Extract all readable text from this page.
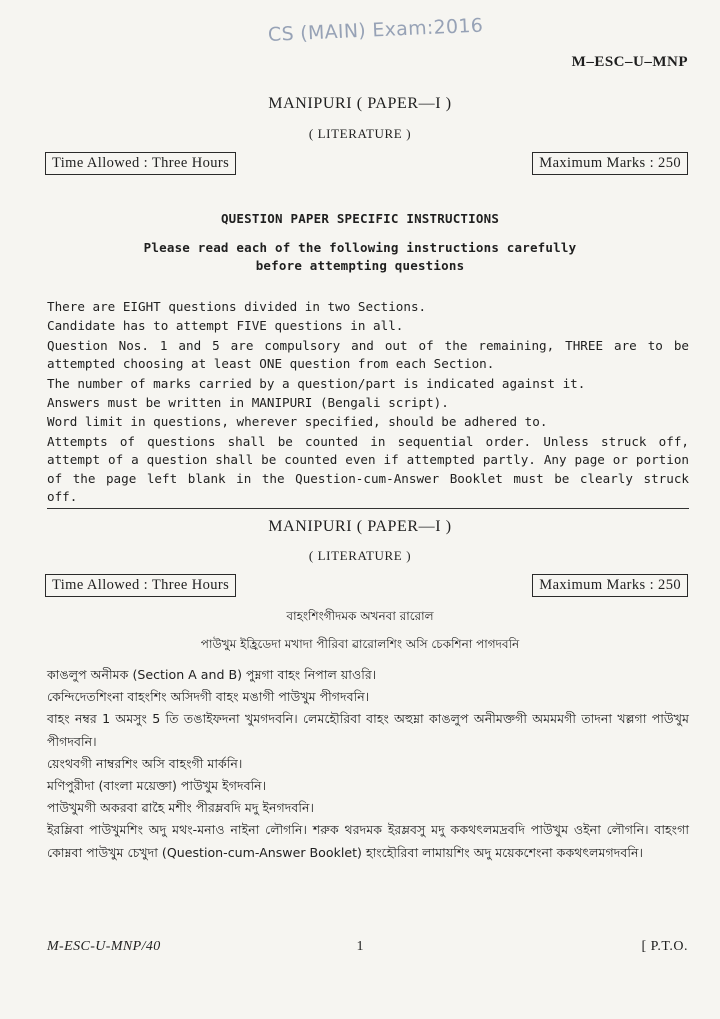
CS (MAIN) Exam:2016
M–ESC–U–MNP
MANIPURI ( PAPER—I )
( LITERATURE )
Time Allowed : Three Hours	Maximum Marks : 250
QUESTION PAPER SPECIFIC INSTRUCTIONS
Please read each of the following instructions carefully
before attempting questions

There are EIGHT questions divided in two Sections.

Candidate has to attempt FIVE questions in all.

Question Nos. 1 and 5 are compulsory and out of the remaining, THREE are to be attempted choosing at least ONE question from each Section.

The number of marks carried by a question/part is indicated against it.

Answers must be written in MANIPURI (Bengali script).

Word limit in questions, wherever specified, should be adhered to.

Attempts of questions shall be counted in sequential order. Unless struck off, attempt of a question shall be counted even if attempted partly. Any page or portion of the page left blank in the Question-cum-Answer Booklet must be clearly struck off.

MANIPURI ( PAPER—I )
( LITERATURE )
Time Allowed : Three Hours	Maximum Marks : 250
বাহংশিংগীদমক অখনবা রারোল
পাউখুম ইহ্রিডেদা মখাদা পীরিবা ৱারোলশিং অসি চেকশিনা পাগদবনি

কাঙলুপ অনীমক (Section A and B) পুম্নগা বাহং নিপাল য়াওরি।

কেন্দিদেতশিংনা বাহংশিং অসিদগী বাহং মঙাগী পাউখুম পীগদবনি।

বাহং নম্বর 1 অমসুং 5 তি তঙাইফদনা খুমগদবনি। লেমহৌরিবা বাহং অহুম্না কাঙলুপ অনীমক্তগী অমমমগী তাদনা খল্লগা পাউখুম পীগদবনি।

য়েংথবগী নাম্বরশিং অসি বাহংগী মার্কনি।

মণিপুরীদা (বাংলা ময়েক্তা) পাউখুম ইগদবনি।

পাউখুমগী অকরবা ৱাহৈ মশীং পীরম্লবদি মদু ইনগদবনি।

ইরম্লিবা পাউখুমশিং অদু মথং-মনাও নাইনা লৌগনি। শরুক থরদমক ইরম্লবসু মদু ককথৎলমদ্রবদি পাউখুম ওইনা লৌগনি। বাহংগা কোম্নবা পাউখুম চেখুদা (Question-cum-Answer Booklet) হাংহৌরিবা লামায়শিং অদু ময়েকশেংনা ককথৎলমগদবনি।

M-ESC-U-MNP/40	1	[ P.T.O.
